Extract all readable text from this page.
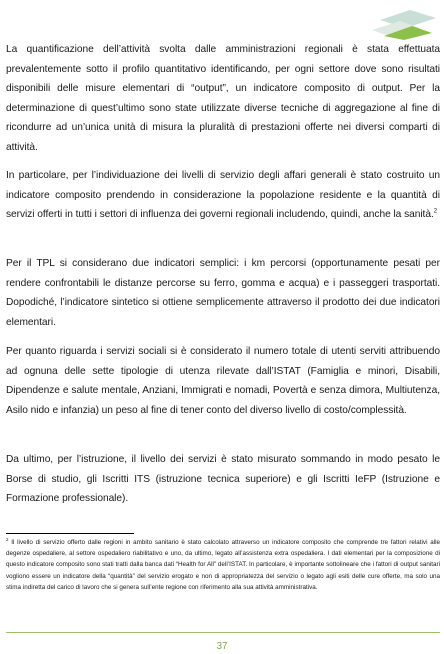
La quantificazione dell’attività svolta dalle amministrazioni regionali è stata effettuata prevalentemente sotto il profilo quantitativo identificando, per ogni settore dove sono risultati disponibili delle misure elementari di “output”, un indicatore composito di output. Per la determinazione di quest’ultimo sono state utilizzate diverse tecniche di aggregazione al fine di ricondurre ad un’unica unità di misura la pluralità di prestazioni offerte nei diversi comparti di attività.

In particolare, per l’individuazione dei livelli di servizio degli affari generali è stato costruito un indicatore composito prendendo in considerazione la popolazione residente e la quantità di servizi offerti in tutti i settori di influenza dei governi regionali includendo, quindi, anche la sanità.$^2$

Per il TPL si considerano due indicatori semplici: i km percorsi (opportunamente pesati per rendere confrontabili le distanze percorse su ferro, gomma e acqua) e i passeggeri trasportati. Dopodiché, l’indicatore sintetico si ottiene semplicemente attraverso il prodotto dei due indicatori elementari.

Per quanto riguarda i servizi sociali si è considerato il numero totale di utenti serviti attribuendo ad ognuna delle sette tipologie di utenza rilevate dall’ISTAT (Famiglia e minori, Disabili, Dipendenze e salute mentale, Anziani, Immigrati e nomadi, Povertà e senza dimora, Multiutenza, Asilo nido e infanzia) un peso al fine di tener conto del diverso livello di costo/complessità.

Da ultimo, per l’istruzione, il livello dei servizi è stato misurato sommando in modo pesato le Borse di studio, gli Iscritti ITS (istruzione tecnica superiore) e gli Iscritti IeFP (Istruzione e Formazione professionale).

$^2$ Il livello di servizio offerto dalle regioni in ambito sanitario è stato calcolato attraverso un indicatore composito che comprende tre fattori relativi alle degenze ospedaliere, al settore ospedaliero riabilitativo e uno, da ultimo, legato all’assistenza extra ospedaliera. I dati elementari per la composizione di questo indicatore composito sono stati tratti dalla banca dati “Health for All” dell’ISTAT. In particolare, è importante sottolineare che i fattori di output sanitari vogliono essere un indicatore della “quantità” del servizio erogato e non di appropriatezza del servizio o legato agli esiti delle cure offerte, ma solo una stima indiretta del carico di lavoro che si genera sull’ente regione con riferimento alla sua attività amministrativa.

37
